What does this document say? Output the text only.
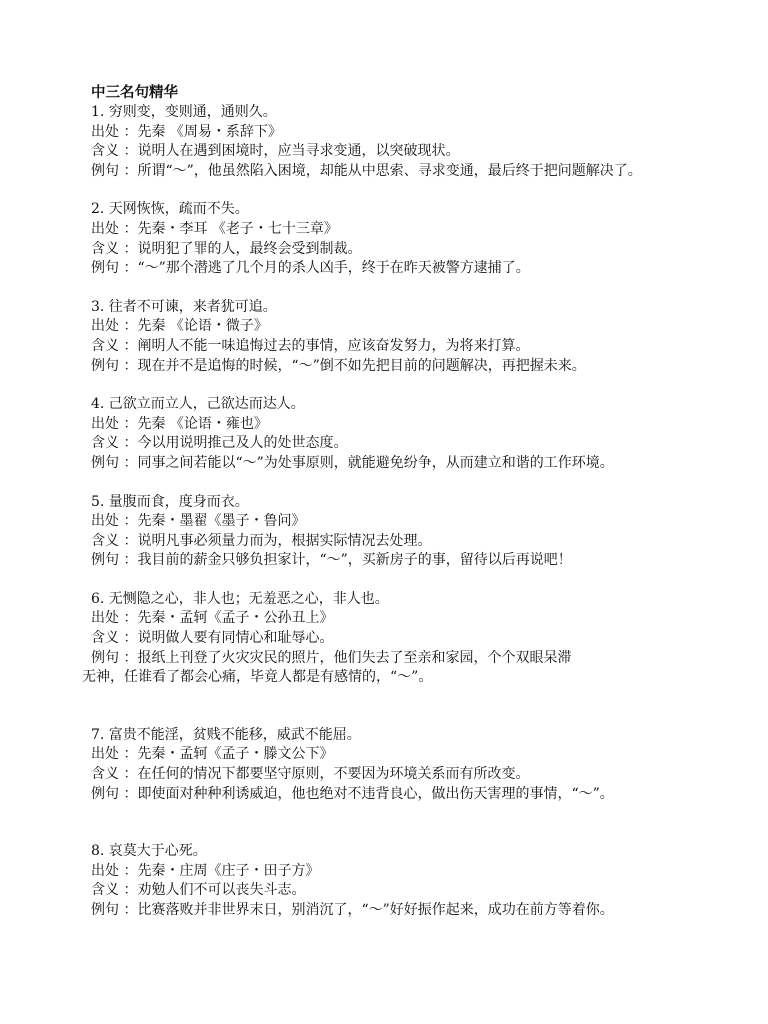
中三名句精华
1. 穷则变，变则通，通则久。
出处 ：先秦 《周易・系辞下》
含义 ：说明人在遇到困境时，应当寻求变通，以突破现状。
例句 ：所谓“～”，他虽然陷入困境，却能从中思索、寻求变通，最后终于把问题解决了。
2. 天网恢恢，疏而不失。
出处 ：先秦・李耳 《老子・七十三章》
含义 ：说明犯了罪的人，最终会受到制裁。
例句 ：“～”那个潜逃了几个月的杀人凶手，终于在昨天被警方逮捕了。
3. 往者不可谏，来者犹可追。
出处 ：先秦 《论语・微子》
含义 ：阐明人不能一味追悔过去的事情，应该奋发努力，为将来打算。
例句 ：现在并不是追悔的时候，“～”倒不如先把目前的问题解决，再把握未来。
4. 己欲立而立人，己欲达而达人。
出处 ：先秦 《论语・雍也》
含义 ：今以用说明推己及人的处世态度。
例句 ：同事之间若能以“～”为处事原则，就能避免纷争，从而建立和谐的工作环境。
5. 量腹而食，度身而衣。
出处 ：先秦・墨翟《墨子・鲁问》
含义 ：说明凡事必须量力而为，根据实际情况去处理。
例句 ：我目前的薪金只够负担家计，“～”，买新房子的事，留待以后再说吧！
6. 无恻隐之心，非人也；无羞恶之心，非人也。
出处 ：先秦・孟轲《孟子・公孙丑上》
含义 ：说明做人要有同情心和耻辱心。
例句 ：报纸上刊登了火灾灾民的照片，他们失去了至亲和家园，个个双眼呆滞
无神，任谁看了都会心痛，毕竟人都是有感情的，“～”。
7. 富贵不能淫，贫贱不能移，威武不能屈。
出处 ：先秦・孟轲《孟子・滕文公下》
含义 ：在任何的情况下都要坚守原则，不要因为环境关系而有所改变。
例句 ：即使面对种种利诱威迫，他也绝对不违背良心，做出伤天害理的事情，“～”。
8. 哀莫大于心死。
出处 ：先秦・庄周《庄子・田子方》
含义 ：劝勉人们不可以丧失斗志。
例句 ：比赛落败并非世界末日，别消沉了，“～”好好振作起来，成功在前方等着你。
